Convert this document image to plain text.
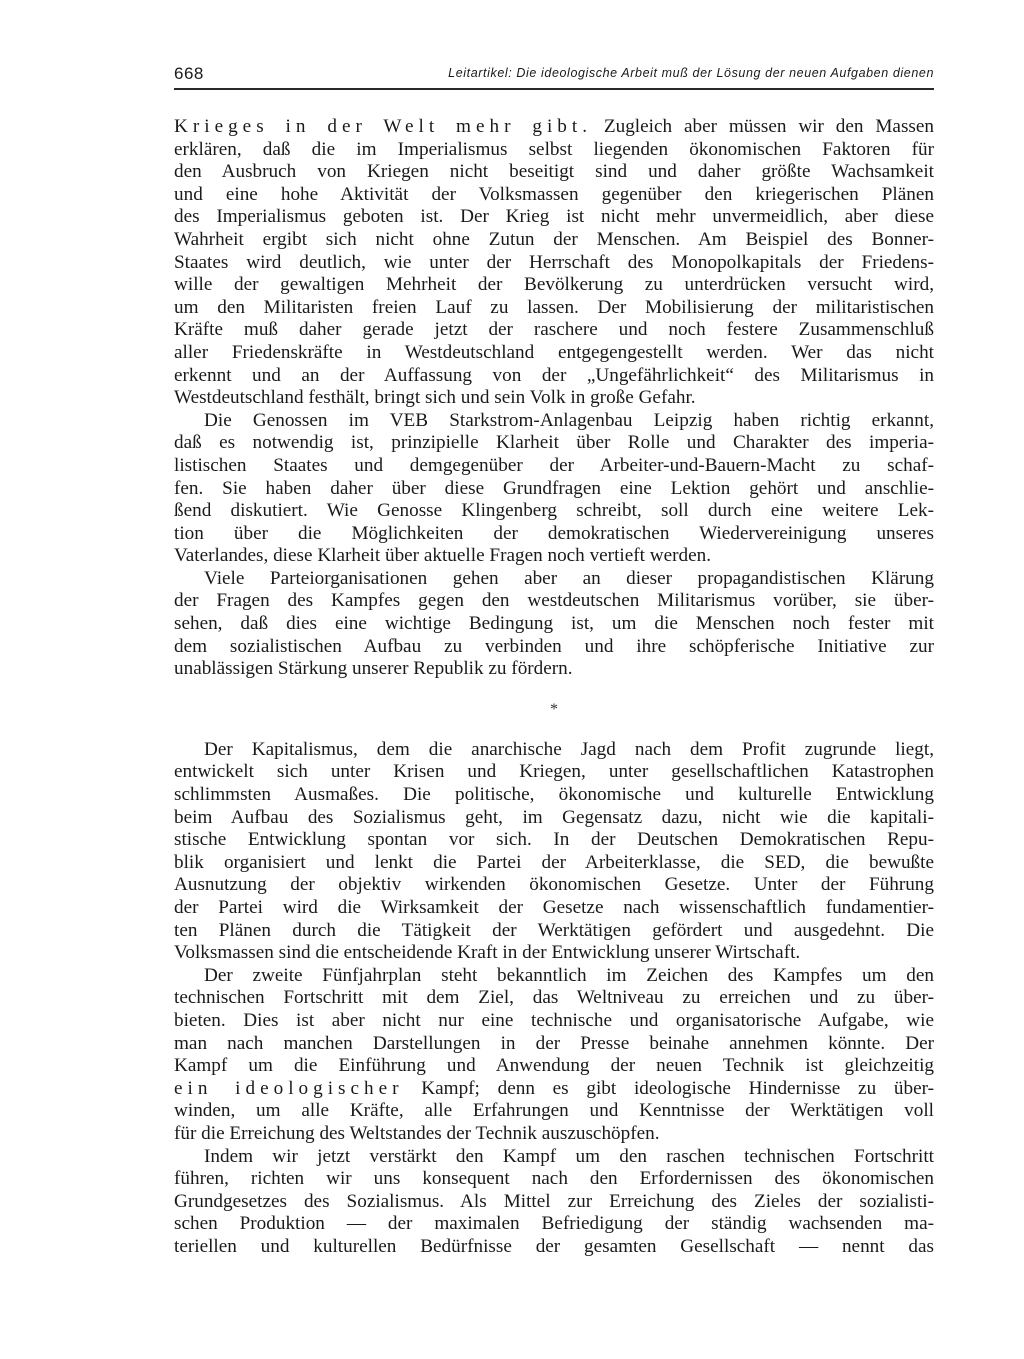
668	Leitartikel: Die ideologische Arbeit muß der Lösung der neuen Aufgaben dienen
Krieges in der Welt mehr gibt. Zugleich aber müssen wir den Massen
erklären, daß die im Imperialismus selbst liegenden ökonomischen Faktoren für
den Ausbruch von Kriegen nicht beseitigt sind und daher größte Wachsamkeit
und eine hohe Aktivität der Volksmassen gegenüber den kriegerischen Plänen
des Imperialismus geboten ist. Der Krieg ist nicht mehr unvermeidlich, aber diese
Wahrheit ergibt sich nicht ohne Zutun der Menschen. Am Beispiel des Bonner-
Staates wird deutlich, wie unter der Herrschaft des Monopolkapitals der Friedens-
wille der gewaltigen Mehrheit der Bevölkerung zu unterdrücken versucht wird,
um den Militaristen freien Lauf zu lassen. Der Mobilisierung der militaristischen
Kräfte muß daher gerade jetzt der raschere und noch festere Zusammenschluß
aller Friedenskräfte in Westdeutschland entgegengestellt werden. Wer das nicht
erkennt und an der Auffassung von der „Ungefährlichkeit“ des Militarismus in
Westdeutschland festhält, bringt sich und sein Volk in große Gefahr.
Die Genossen im VEB Starkstrom-Anlagenbau Leipzig haben richtig erkannt,
daß es notwendig ist, prinzipielle Klarheit über Rolle und Charakter des imperia-
listischen Staates und demgegenüber der Arbeiter-und-Bauern-Macht zu schaf-
fen. Sie haben daher über diese Grundfragen eine Lektion gehört und anschlie-
ßend diskutiert. Wie Genosse Klingenberg schreibt, soll durch eine weitere Lek-
tion über die Möglichkeiten der demokratischen Wiedervereinigung unseres
Vaterlandes, diese Klarheit über aktuelle Fragen noch vertieft werden.
Viele Parteiorganisationen gehen aber an dieser propagandistischen Klärung
der Fragen des Kampfes gegen den westdeutschen Militarismus vorüber, sie über-
sehen, daß dies eine wichtige Bedingung ist, um die Menschen noch fester mit
dem sozialistischen Aufbau zu verbinden und ihre schöpferische Initiative zur
unablässigen Stärkung unserer Republik zu fördern.
*
Der Kapitalismus, dem die anarchische Jagd nach dem Profit zugrunde liegt,
entwickelt sich unter Krisen und Kriegen, unter gesellschaftlichen Katastrophen
schlimmsten Ausmaßes. Die politische, ökonomische und kulturelle Entwicklung
beim Aufbau des Sozialismus geht, im Gegensatz dazu, nicht wie die kapitali-
stische Entwicklung spontan vor sich. In der Deutschen Demokratischen Repu-
blik organisiert und lenkt die Partei der Arbeiterklasse, die SED, die bewußte
Ausnutzung der objektiv wirkenden ökonomischen Gesetze. Unter der Führung
der Partei wird die Wirksamkeit der Gesetze nach wissenschaftlich fundamentier-
ten Plänen durch die Tätigkeit der Werktätigen gefördert und ausgedehnt. Die
Volksmassen sind die entscheidende Kraft in der Entwicklung unserer Wirtschaft.
Der zweite Fünfjahrplan steht bekanntlich im Zeichen des Kampfes um den
technischen Fortschritt mit dem Ziel, das Weltniveau zu erreichen und zu über-
bieten. Dies ist aber nicht nur eine technische und organisatorische Aufgabe, wie
man nach manchen Darstellungen in der Presse beinahe annehmen könnte. Der
Kampf um die Einführung und Anwendung der neuen Technik ist gleichzeitig
ein ideologischer Kampf; denn es gibt ideologische Hindernisse zu über-
winden, um alle Kräfte, alle Erfahrungen und Kenntnisse der Werktätigen voll
für die Erreichung des Weltstandes der Technik auszuschöpfen.
Indem wir jetzt verstärkt den Kampf um den raschen technischen Fortschritt
führen, richten wir uns konsequent nach den Erfordernissen des ökonomischen
Grundgesetzes des Sozialismus. Als Mittel zur Erreichung des Zieles der sozialisti-
schen Produktion — der maximalen Befriedigung der ständig wachsenden ma-
teriellen und kulturellen Bedürfnisse der gesamten Gesellschaft — nennt das
